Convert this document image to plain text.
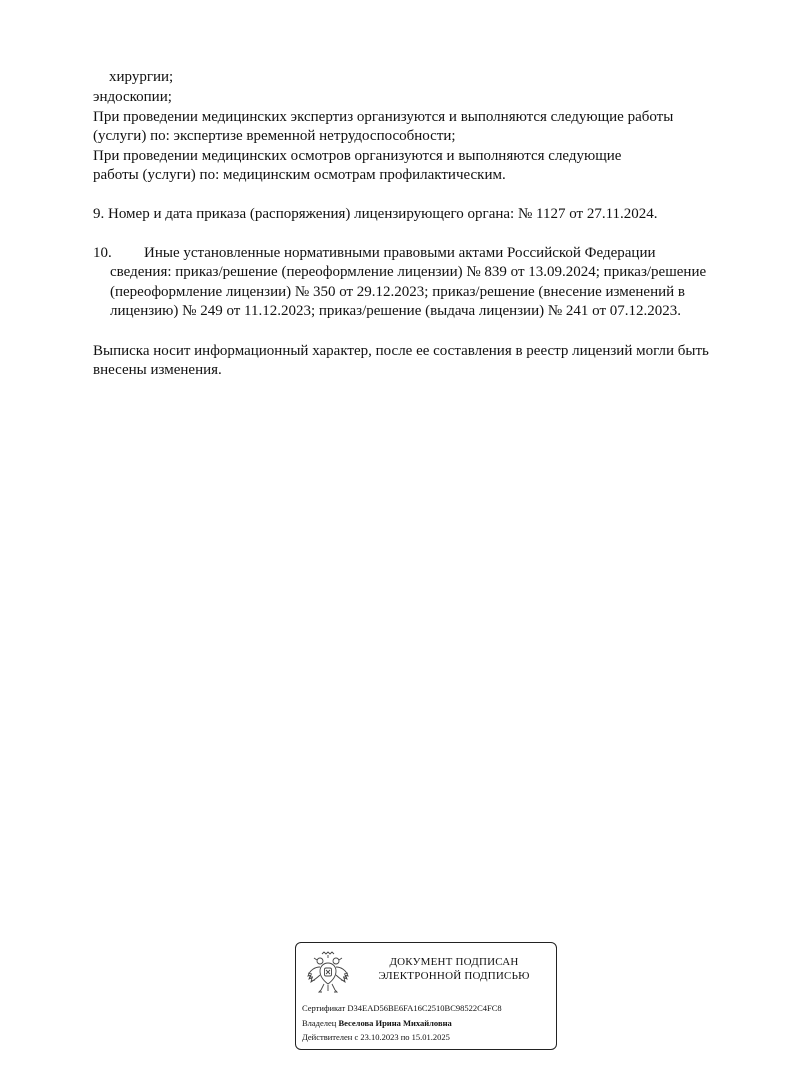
хирургии;

эндоскопии;

При проведении медицинских экспертиз организуются и выполняются следующие работы

(услуги) по: экспертизе временной нетрудоспособности;

При проведении медицинских осмотров организуются и выполняются следующие

работы (услуги) по: медицинским осмотрам профилактическим.

9. Номер и дата приказа (распоряжения) лицензирующего органа: № 1127 от 27.11.2024.

10. Иные установленные нормативными правовыми актами Российской Федерации

сведения: приказ/решение (переоформление лицензии) № 839 от 13.09.2024; приказ/решение

(переоформление лицензии) № 350 от 29.12.2023; приказ/решение (внесение изменений в

лицензию) № 249 от 11.12.2023; приказ/решение (выдача лицензии) № 241 от 07.12.2023.

Выписка носит информационный характер, после ее составления в реестр лицензий могли быть

внесены изменения.

ДОКУМЕНТ ПОДПИСАН
ЭЛЕКТРОННОЙ ПОДПИСЬЮ
Сертификат D34EAD56BE6FA16C2510BC98522C4FC8
Владелец Веселова Ирина Михайловна
Действителен с 23.10.2023 по 15.01.2025
